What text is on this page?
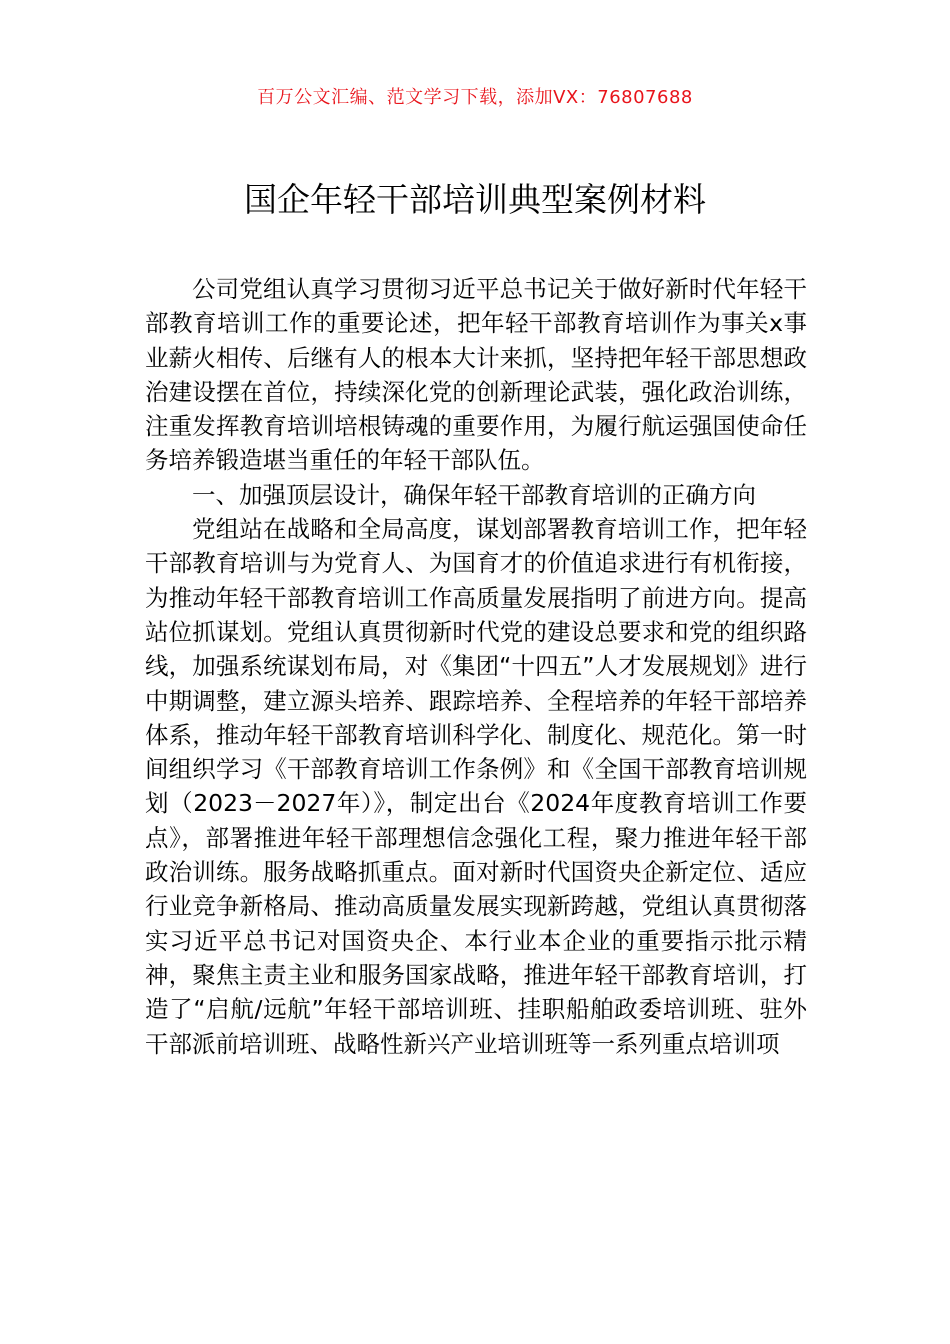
百万公文汇编、范文学习下载，添加VX：76807688
国企年轻干部培训典型案例材料

公司党组认真学习贯彻习近平总书记关于做好新时代年轻干部教育培训工作的重要论述，把年轻干部教育培训作为事关x事业薪火相传、后继有人的根本大计来抓，坚持把年轻干部思想政治建设摆在首位，持续深化党的创新理论武装，强化政治训练，注重发挥教育培训培根铸魂的重要作用，为履行航运强国使命任务培养锻造堪当重任的年轻干部队伍。

一、加强顶层设计，确保年轻干部教育培训的正确方向

党组站在战略和全局高度，谋划部署教育培训工作，把年轻干部教育培训与为党育人、为国育才的价值追求进行有机衔接，为推动年轻干部教育培训工作高质量发展指明了前进方向。提高站位抓谋划。党组认真贯彻新时代党的建设总要求和党的组织路线，加强系统谋划布局，对《集团“十四五”人才发展规划》进行中期调整，建立源头培养、跟踪培养、全程培养的年轻干部培养体系，推动年轻干部教育培训科学化、制度化、规范化。第一时间组织学习《干部教育培训工作条例》和《全国干部教育培训规划（2023－2027年）》，制定出台《2024年度教育培训工作要点》，部署推进年轻干部理想信念强化工程，聚力推进年轻干部政治训练。服务战略抓重点。面对新时代国资央企新定位、适应行业竞争新格局、推动高质量发展实现新跨越，党组认真贯彻落实习近平总书记对国资央企、本行业本企业的重要指示批示精神，聚焦主责主业和服务国家战略，推进年轻干部教育培训，打造了“启航/远航”年轻干部培训班、挂职船舶政委培训班、驻外干部派前培训班、战略性新兴产业培训班等一系列重点培训项
